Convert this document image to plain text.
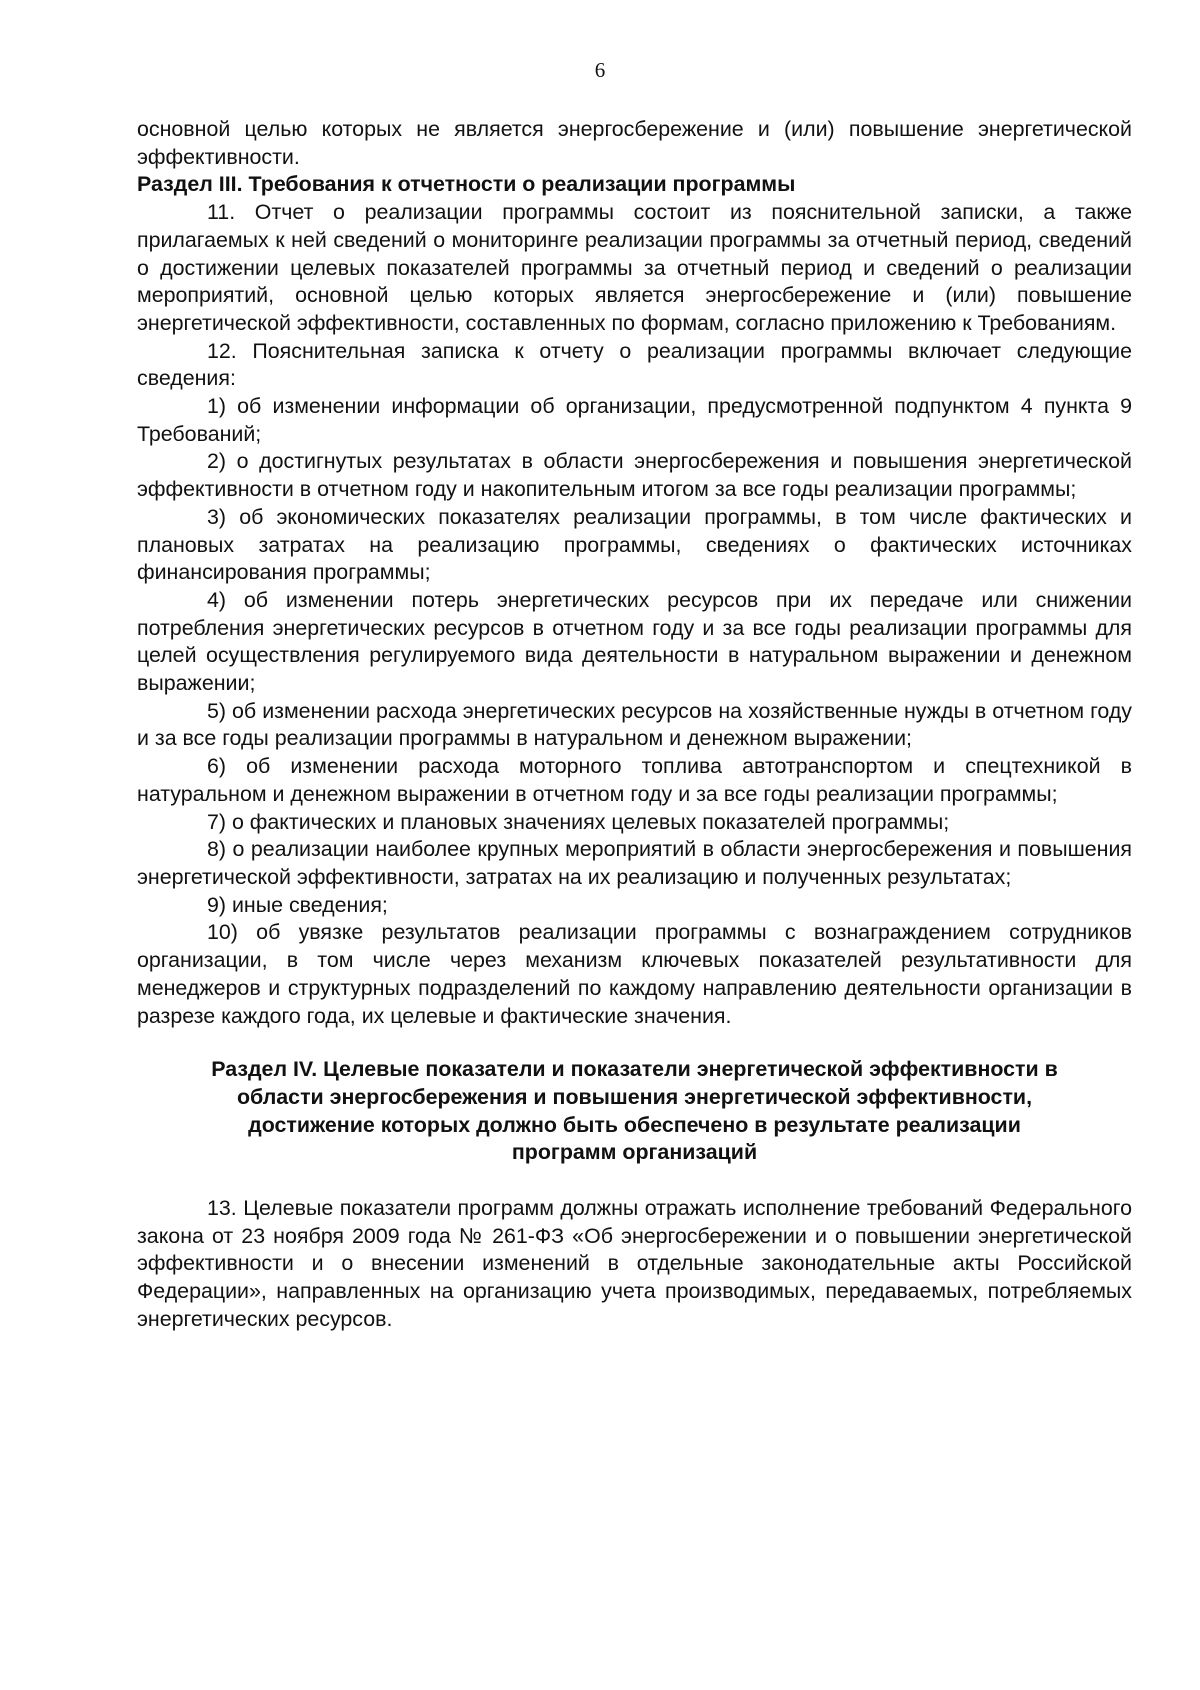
6

основной целью которых не является энергосбережение и (или) повышение энергетической эффективности.

Раздел III. Требования к отчетности о реализации программы

11. Отчет о реализации программы состоит из пояснительной записки, а также прилагаемых к ней сведений о мониторинге реализации программы за отчетный период, сведений о достижении целевых показателей программы за отчетный период и сведений о реализации мероприятий, основной целью которых является энергосбережение и (или) повышение энергетической эффективности, составленных по формам, согласно приложению к Требованиям.

12. Пояснительная записка к отчету о реализации программы включает следующие сведения:

1) об изменении информации об организации, предусмотренной подпунктом 4 пункта 9 Требований;

2) о достигнутых результатах в области энергосбережения и повышения энергетической эффективности в отчетном году и накопительным итогом за все годы реализации программы;

3) об экономических показателях реализации программы, в том числе фактических и плановых затратах на реализацию программы, сведениях о фактических источниках финансирования программы;

4) об изменении потерь энергетических ресурсов при их передаче или снижении потребления энергетических ресурсов в отчетном году и за все годы реализации программы для целей осуществления регулируемого вида деятельности в натуральном выражении и денежном выражении;

5) об изменении расхода энергетических ресурсов на хозяйственные нужды в отчетном году и за все годы реализации программы в натуральном и денежном выражении;

6) об изменении расхода моторного топлива автотранспортом и спецтехникой в натуральном и денежном выражении в отчетном году и за все годы реализации программы;

7) о фактических и плановых значениях целевых показателей программы;

8) о реализации наиболее крупных мероприятий в области энергосбережения и повышения энергетической эффективности, затратах на их реализацию и полученных результатах;

9) иные сведения;

10) об увязке результатов реализации программы с вознаграждением сотрудников организации, в том числе через механизм ключевых показателей результативности для менеджеров и структурных подразделений по каждому направлению деятельности организации в разрезе каждого года, их целевые и фактические значения.

Раздел IV. Целевые показатели и показатели энергетической эффективности в
области энергосбережения и повышения энергетической эффективности,
достижение которых должно быть обеспечено в результате реализации
программ организаций

13. Целевые показатели программ должны отражать исполнение требований Федерального закона от 23 ноября 2009 года № 261-ФЗ «Об энергосбережении и о повышении энергетической эффективности и о внесении изменений в отдельные законодательные акты Российской Федерации», направленных на организацию учета производимых, передаваемых, потребляемых энергетических ресурсов.
